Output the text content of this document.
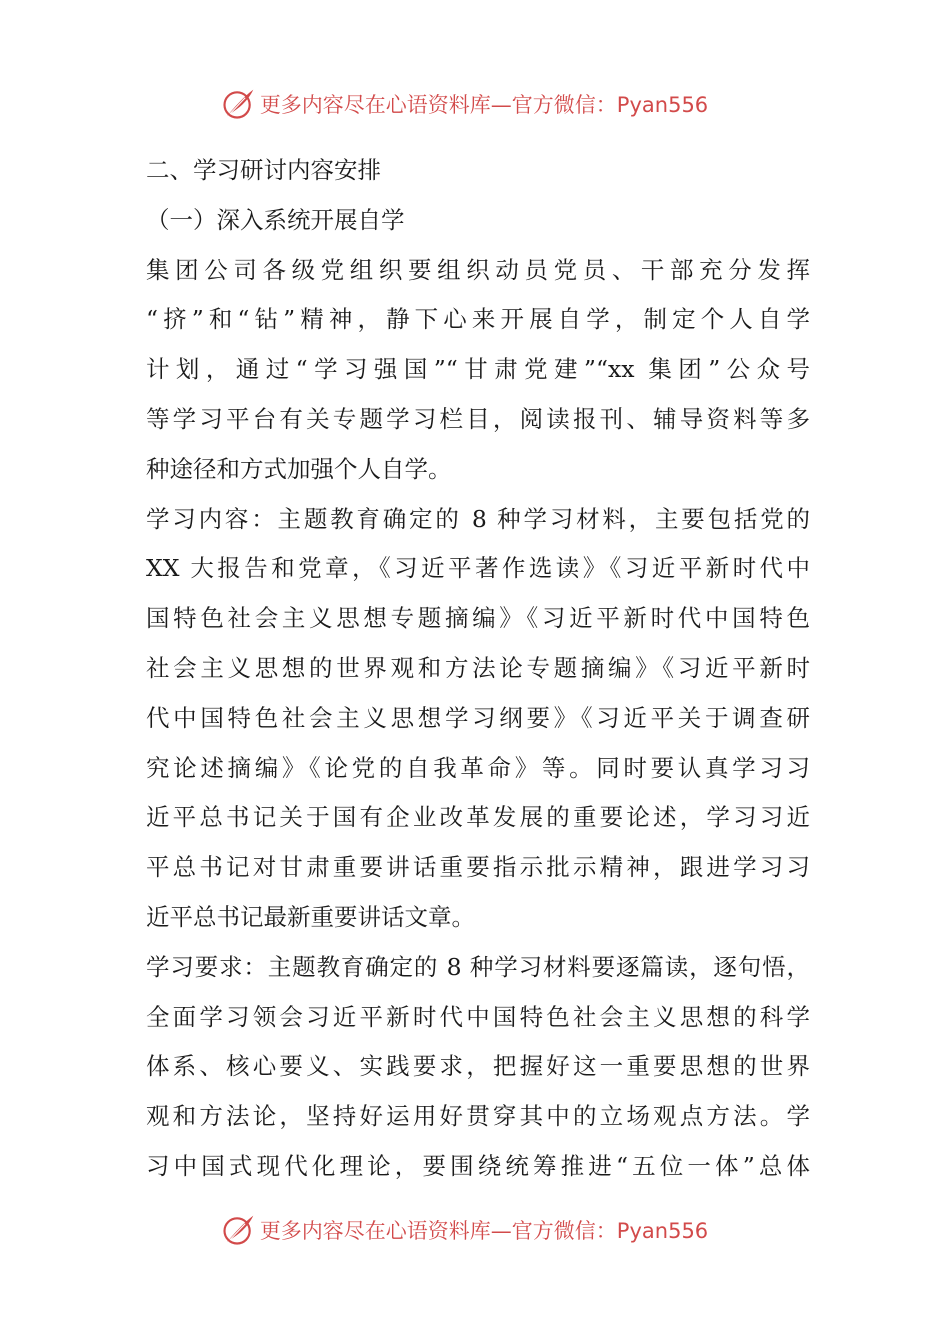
更多内容尽在心语资料库—官方微信：Pyan556
二、学习研讨内容安排
（一）深入系统开展自学
集团公司各级党组织要组织动员党员、干部充分发挥
“挤”和“钻”精神，静下心来开展自学，制定个人自学
计划，通过“学习强国”“甘肃党建”“xx 集团”公众号
等学习平台有关专题学习栏目，阅读报刊、辅导资料等多
种途径和方式加强个人自学。
学习内容：主题教育确定的 8 种学习材料，主要包括党的
XX 大报告和党章，《习近平著作选读》《习近平新时代中
国特色社会主义思想专题摘编》《习近平新时代中国特色
社会主义思想的世界观和方法论专题摘编》《习近平新时
代中国特色社会主义思想学习纲要》《习近平关于调查研
究论述摘编》《论党的自我革命》等。同时要认真学习习
近平总书记关于国有企业改革发展的重要论述，学习习近
平总书记对甘肃重要讲话重要指示批示精神，跟进学习习
近平总书记最新重要讲话文章。
学习要求：主题教育确定的 8 种学习材料要逐篇读，逐句悟，
全面学习领会习近平新时代中国特色社会主义思想的科学
体系、核心要义、实践要求，把握好这一重要思想的世界
观和方法论，坚持好运用好贯穿其中的立场观点方法。学
习中国式现代化理论，要围绕统筹推进“五位一体”总体
更多内容尽在心语资料库—官方微信：Pyan556
